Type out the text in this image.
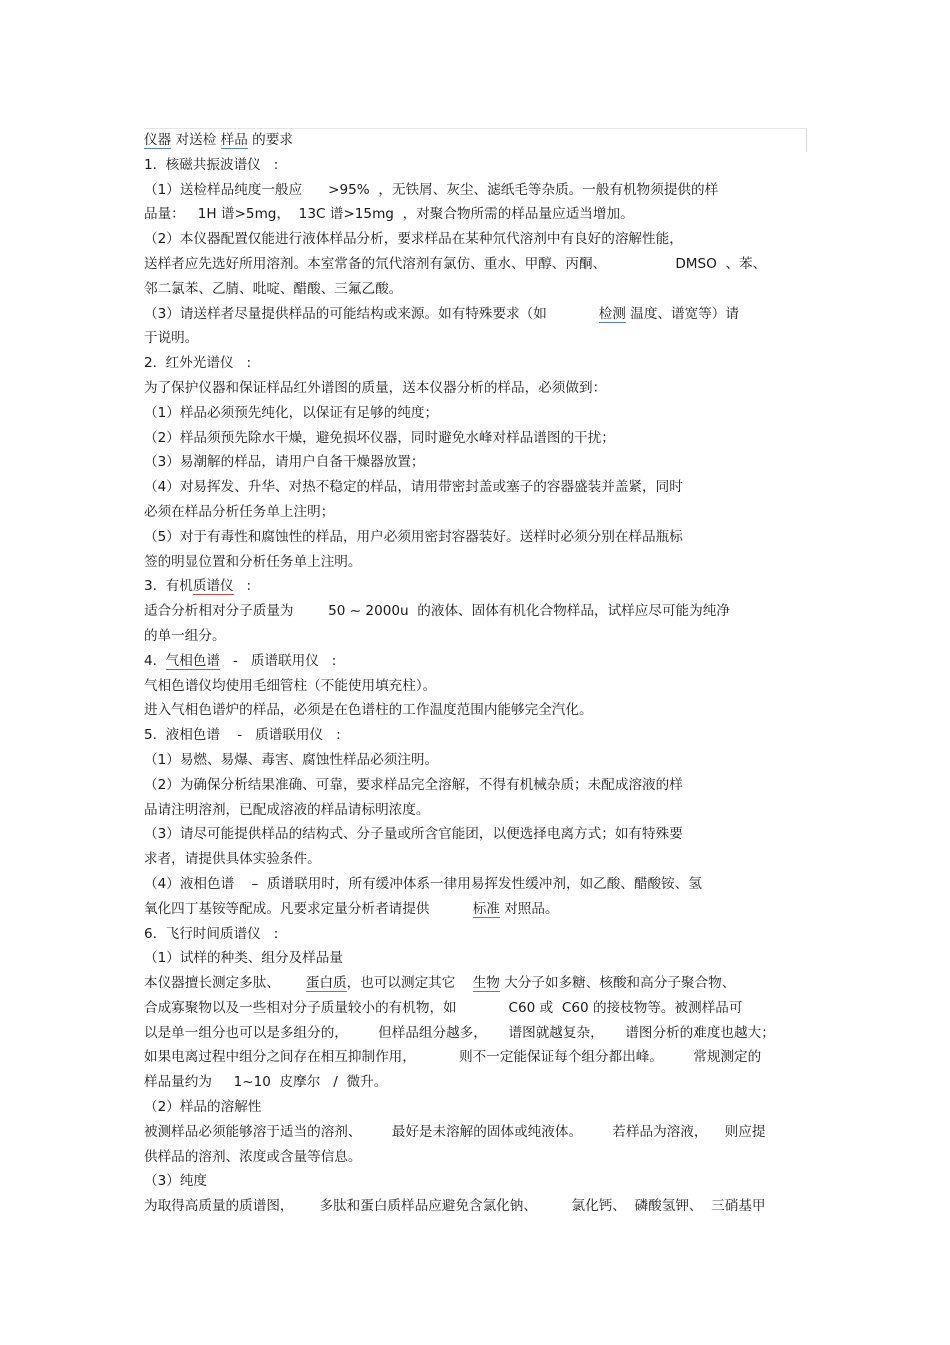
仪器 对送检 样品 的要求
1.  核磁共振波谱仪   :
（1）送检样品纯度一般应      >95%  ，无铁屑、灰尘、滤纸毛等杂质。一般有机物须提供的样
品量：   1H 谱>5mg，  13C 谱>15mg  ，对聚合物所需的样品量应适当增加。
（2）本仪器配置仅能进行液体样品分析，要求样品在某种氘代溶剂中有良好的溶解性能，
送样者应先选好所用溶剂。本室常备的氘代溶剂有氯仿、重水、甲醇、丙酮、                DMSO  、苯、
邻二氯苯、乙腈、吡啶、醋酸、三氟乙酸。
（3）请送样者尽量提供样品的可能结构或来源。如有特殊要求（如            检测 温度、谱宽等）请
于说明。
2.  红外光谱仪   :
为了保护仪器和保证样品红外谱图的质量，送本仪器分析的样品，必须做到：
（1）样品必须预先纯化，以保证有足够的纯度；
（2）样品须预先除水干燥，避免损坏仪器，同时避免水峰对样品谱图的干扰；
（3）易潮解的样品，请用户自备干燥器放置；
（4）对易挥发、升华、对热不稳定的样品，请用带密封盖或塞子的容器盛装并盖紧，同时
必须在样品分析任务单上注明；
（5）对于有毒性和腐蚀性的样品，用户必须用密封容器装好。送样时必须分别在样品瓶标
签的明显位置和分析任务单上注明。
3.  有机质谱仪   :
适合分析相对分子质量为        50 ~ 2000u  的液体、固体有机化合物样品，试样应尽可能为纯净
的单一组分。
4.  气相色谱   -   质谱联用仪   :
气相色谱仪均使用毛细管柱（不能使用填充柱）。
进入气相色谱炉的样品，必须是在色谱柱的工作温度范围内能够完全汽化。
5.  液相色谱    -   质谱联用仪   :
（1）易燃、易爆、毒害、腐蚀性样品必须注明。
（2）为确保分析结果准确、可靠，要求样品完全溶解，不得有机械杂质；未配成溶液的样
品请注明溶剂，已配成溶液的样品请标明浓度。
（3）请尽可能提供样品的结构式、分子量或所含官能团，以便选择电离方式；如有特殊要
求者，请提供具体实验条件。
（4）液相色谱    –  质谱联用时，所有缓冲体系一律用易挥发性缓冲剂，如乙酸、醋酸铵、氢
氧化四丁基铵等配成。凡要求定量分析者请提供          标准 对照品。
6.  飞行时间质谱仪   :
（1）试样的种类、组分及样品量
本仪器擅长测定多肽、      蛋白质，也可以测定其它    生物 大分子如多糖、核酸和高分子聚合物、
合成寡聚物以及一些相对分子质量较小的有机物，如            C60 或  C60 的接枝物等。被测样品可
以是单一组分也可以是多组分的，       但样品组分越多，     谱图就越复杂，     谱图分析的难度也越大；
如果电离过程中组分之间存在相互抑制作用，          则不一定能保证每个组分都出峰。       常规测定的
样品量约为     1~10  皮摩尔   /  微升。
（2）样品的溶解性
被测样品必须能够溶于适当的溶剂、       最好是未溶解的固体或纯液体。       若样品为溶液，    则应提
供样品的溶剂、浓度或含量等信息。
（3）纯度
为取得高质量的质谱图，      多肽和蛋白质样品应避免含氯化钠、        氯化钙、  磷酸氢钾、  三硝基甲
